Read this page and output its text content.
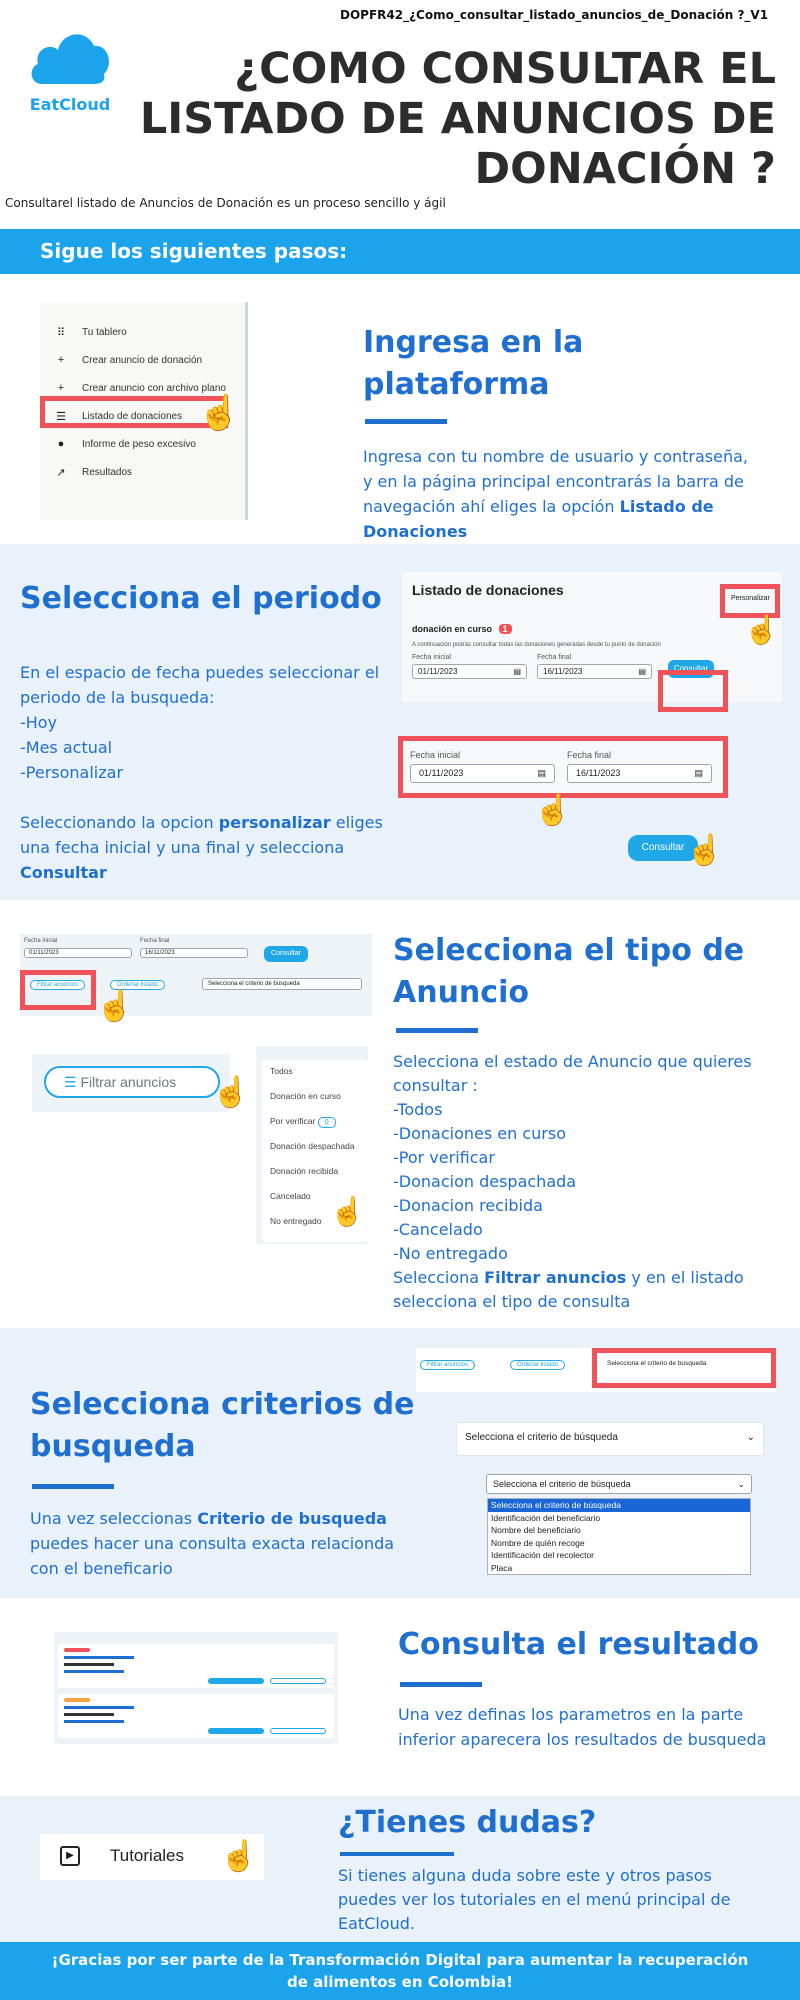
DOPFR42_¿Como_consultar_listado_anuncios_de_Donación ?_V1
EatCloud
¿COMO CONSULTAR EL
LISTADO DE ANUNCIOS DE
DONACIÓN ?
Consultarel listado de Anuncios de Donación es un proceso sencillo y ágil
Sigue los siguientes pasos:
⠿ Tu tablero
+	Crear anuncio de donación
+	Crear anuncio con archivo plano
☰ Listado de donaciones
●	Informe de peso excesivo
↗ Resultados
☝
Ingresa en la
plataforma
Ingresa con tu nombre de usuario y contraseña, y en la página principal encontrarás la barra de navegación ahí eliges la opción Listado de Donaciones
Selecciona el periodo
En el espacio de fecha puedes seleccionar el
periodo de la busqueda:
-Hoy
-Mes actual
-Personalizar
Seleccionando la opcion personalizar eliges una fecha inicial y una final y selecciona Consultar
Listado de donaciones
donación en curso 1
A continuación podrás consultar todas las donaciones generadas desde tu punto de donación
Fecha inicial	Fecha final
01/11/2023	▤	16/11/2023	▤	Consultar
Personalizar
☝
Fecha inicial	Fecha final
01/11/2023	▤	16/11/2023	▤
☝
Consultar ☝
Fecha inicial	Fecha final
01/11/2023	16/11/2023	Consultar
Filtrar anuncios	Ordenar listado	Selecciona el criterio de busqueda
☝
☰ Filtrar anuncios	☝
Todos
Donación en curso
Por verificar 0
Donación despachada
Donación recibida
Cancelado
No entregado ☝
Selecciona el tipo de
Anuncio
Selecciona el estado de Anuncio que quieres
consultar :
-Todos
-Donaciones en curso
-Por verificar
-Donacion despachada
-Donacion recibida
-Cancelado
-No entregado
Selecciona Filtrar anuncios y en el listado selecciona el tipo de consulta
Selecciona criterios de
busqueda
Una vez seleccionas Criterio de busqueda puedes hacer una consulta exacta relacionda con el beneficario
Filtrar anuncios	Ordenar listado	Selecciona el criterio de busqueda
Selecciona el criterio de búsqueda	⌄
Selecciona el criterio de búsqueda	⌄
Selecciona el criterio de búsqueda
Identificación del beneficiario
Nombre del beneficiario
Nombre de quién recoge
Identificación del recolector
Placa
Consulta el resultado
Una vez definas los parametros en la parte inferior aparecera los resultados de busqueda
▶	Tutoriales ☝
¿Tienes dudas?
Si tienes alguna duda sobre este y otros pasos puedes ver los tutoriales en el menú principal de EatCloud.
¡Gracias por ser parte de la Transformación Digital para aumentar la recuperación
de alimentos en Colombia!
